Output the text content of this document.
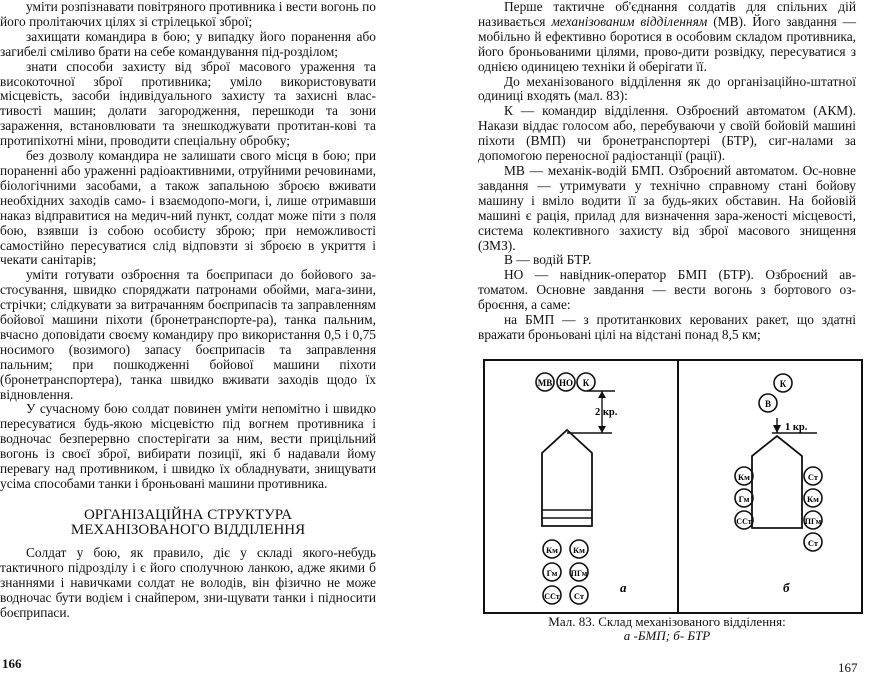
уміти розпізнавати повітряного противника і вести вогонь по його пролітаючих цілях зі стрілецької зброї;

захищати командира в бою; у випадку його поранення або загибелі сміливо брати на себе командування під-розділом;

знати способи захисту від зброї масового ураження та високоточної зброї противника; уміло використовувати місцевість, засоби індивідуального захисту та захисні влас-тивості машин; долати загородження, перешкоди та зони зараження, встановлювати та знешкоджувати протитан-кові та протипіхотні міни, проводити спеціальну обробку;

без дозволу командира не залишати свого місця в бою; при пораненні або ураженні радіоактивними, отруйними речовинами, біологічними засобами, а також запальною зброєю вживати необхідних заходів само- і взаємодопо-моги, і, лише отримавши наказ відправитися на медич-ний пункт, солдат може піти з поля бою, взявши із собою особисту зброю; при неможливості самостійно пересуватися слід відповзти зі зброєю в укриття і чекати санітарів;

уміти готувати озброєння та боєприпаси до бойового за-стосування, швидко споряджати патронами обойми, мага-зини, стрічки; слідкувати за витрачанням боєприпасів та заправленням бойової машини піхоти (бронетранспорте-ра), танка пальним, вчасно доповідати своєму командиру про використання 0,5 і 0,75 носимого (возимого) запасу боєприпасів та заправлення пальним; при пошкодженні бойової машини піхоти (бронетранспортера), танка швидко вживати заходів щодо їх відновлення.

У сучасному бою солдат повинен уміти непомітно і швидко пересуватися будь-якою місцевістю під вогнем противника і водночас безперервно спостерігати за ним, вести прицільний вогонь із своєї зброї, вибирати позиції, які б надавали йому перевагу над противником, і швидко їх обладнувати, знищувати усіма способами танки і броньовані машини противника.

ОРГАНІЗАЦІЙНА СТРУКТУРА
МЕХАНІЗОВАНОГО ВІДДІЛЕННЯ

Солдат у бою, як правило, діє у складі якого-небудь тактичного підрозділу і є його сполучною ланкою, адже якими б знаннями і навичками солдат не володів, він фізично не може водночас бути водієм і снайпером, зни-щувати танки і підносити боєприпаси.

166

Перше тактичне об'єднання солдатів для спільних дій називається механізованим відділенням (МВ). Його завдання — мобільно й ефективно боротися в особовим складом противника, його броньованими цілями, прово-дити розвідку, пересуватися з однією одиницею техніки й оберігати її.

До механізованого відділення як до організаційно-штатної одиниці входять (мал. 83):

К — командир відділення. Озброєний автоматом (АКМ). Накази віддає голосом або, перебуваючи у своїй бойовій машині піхоти (ВМП) чи бронетранспортері (БТР), сиг-налами за допомогою переносної радіостанції (рації).

МВ — механік-водій БМП. Озброєний автоматом. Ос-новне завдання — утримувати у технічно справному стані бойову машину і вміло водити її за будь-яких обставин. На бойовій машині є рація, прилад для визначення зара-женості місцевості, система колективного захисту від зброї масового знищення (ЗМЗ).

В — водій БТР.

НО — навідник-оператор БМП (БТР). Озброєний ав-томатом. Основне завдання — вести вогонь з бортового оз-броєння, а саме:

на БМП — з протитанкових керованих ракет, що здатні вражати броньовані цілі на відстані понад 8,5 км;

МВ НО К
2 кр.
Км Км
Гм ПГм
ССт Ст
а
К
В
1 кр.
Км
Гм
ССт
Ст
Км
ПГм
Ст
б
Мал. 83. Склад механізованого відділення:
а -БМП; б- БТР
167
